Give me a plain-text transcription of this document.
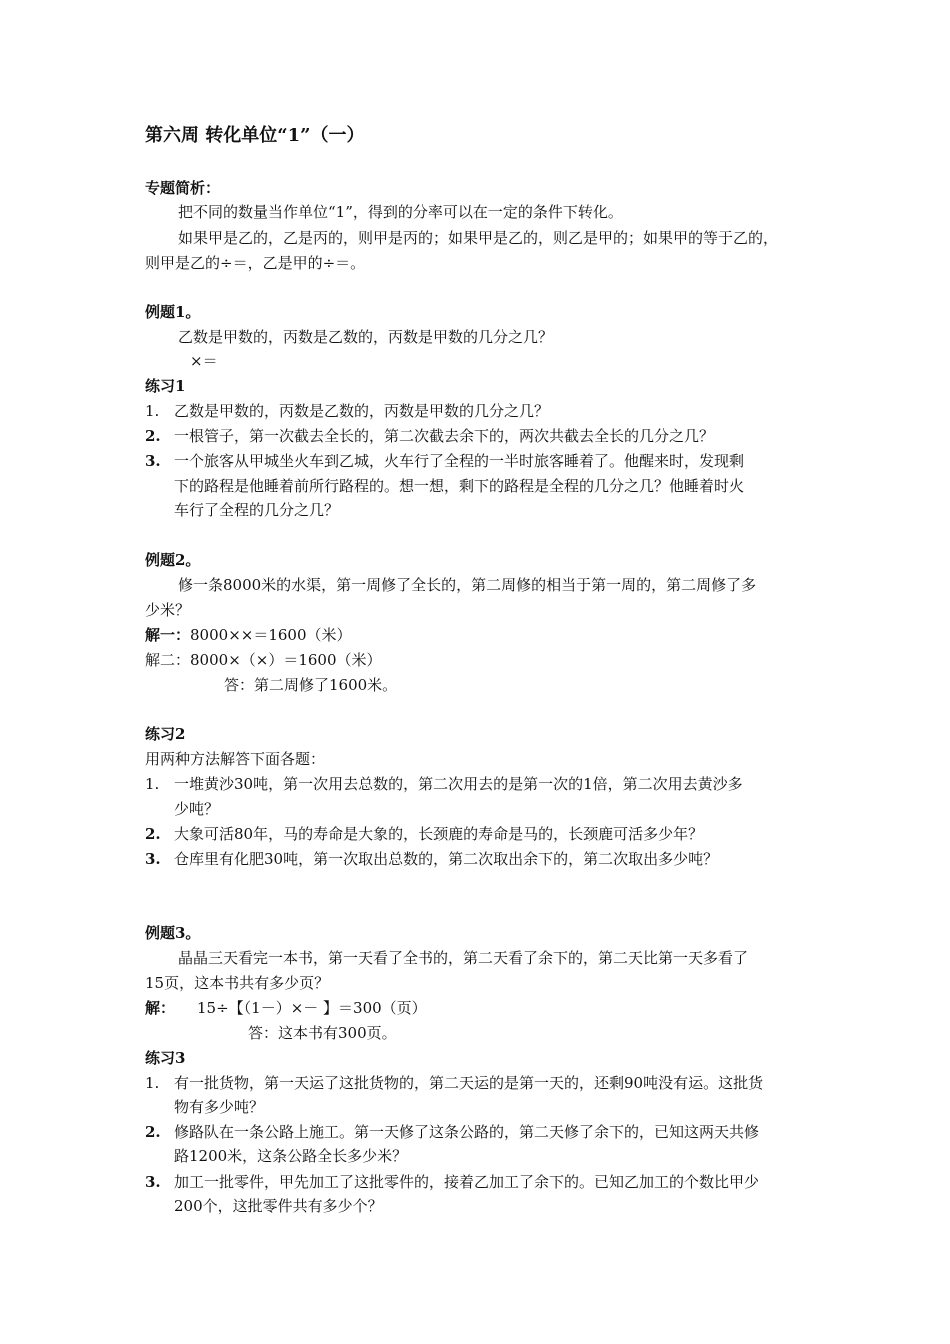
第六周 转化单位“1”（一）
专题简析：
把不同的数量当作单位“1”，得到的分率可以在一定的条件下转化。
如果甲是乙的，乙是丙的，则甲是丙的；如果甲是乙的，则乙是甲的；如果甲的等于乙的，
则甲是乙的÷＝，乙是甲的÷＝。
例题1。
乙数是甲数的，丙数是乙数的，丙数是甲数的几分之几？
×＝
练习1
1. 乙数是甲数的，丙数是乙数的，丙数是甲数的几分之几？
2. 一根管子，第一次截去全长的，第二次截去余下的，两次共截去全长的几分之几？
3. 一个旅客从甲城坐火车到乙城，火车行了全程的一半时旅客睡着了。他醒来时，发现剩
下的路程是他睡着前所行路程的。想一想，剩下的路程是全程的几分之几？他睡着时火
车行了全程的几分之几？
例题2。
修一条8000米的水渠，第一周修了全长的，第二周修的相当于第一周的，第二周修了多
少米？
解一：8000××＝1600（米）
解二：8000×（×）＝1600（米）
答：第二周修了1600米。
练习2
用两种方法解答下面各题：
1. 一堆黄沙30吨，第一次用去总数的，第二次用去的是第一次的1倍，第二次用去黄沙多
少吨？
2. 大象可活80年，马的寿命是大象的，长颈鹿的寿命是马的，长颈鹿可活多少年？
3. 仓库里有化肥30吨，第一次取出总数的，第二次取出余下的，第二次取出多少吨？
例题3。
晶晶三天看完一本书，第一天看了全书的，第二天看了余下的，第二天比第一天多看了
15页，这本书共有多少页？
解： 15÷【（1－）×－ 】＝300（页）
答：这本书有300页。
练习3
1. 有一批货物，第一天运了这批货物的，第二天运的是第一天的，还剩90吨没有运。这批货
物有多少吨？
2. 修路队在一条公路上施工。第一天修了这条公路的，第二天修了余下的，已知这两天共修
路1200米，这条公路全长多少米？
3. 加工一批零件，甲先加工了这批零件的，接着乙加工了余下的。已知乙加工的个数比甲少
200个，这批零件共有多少个？
